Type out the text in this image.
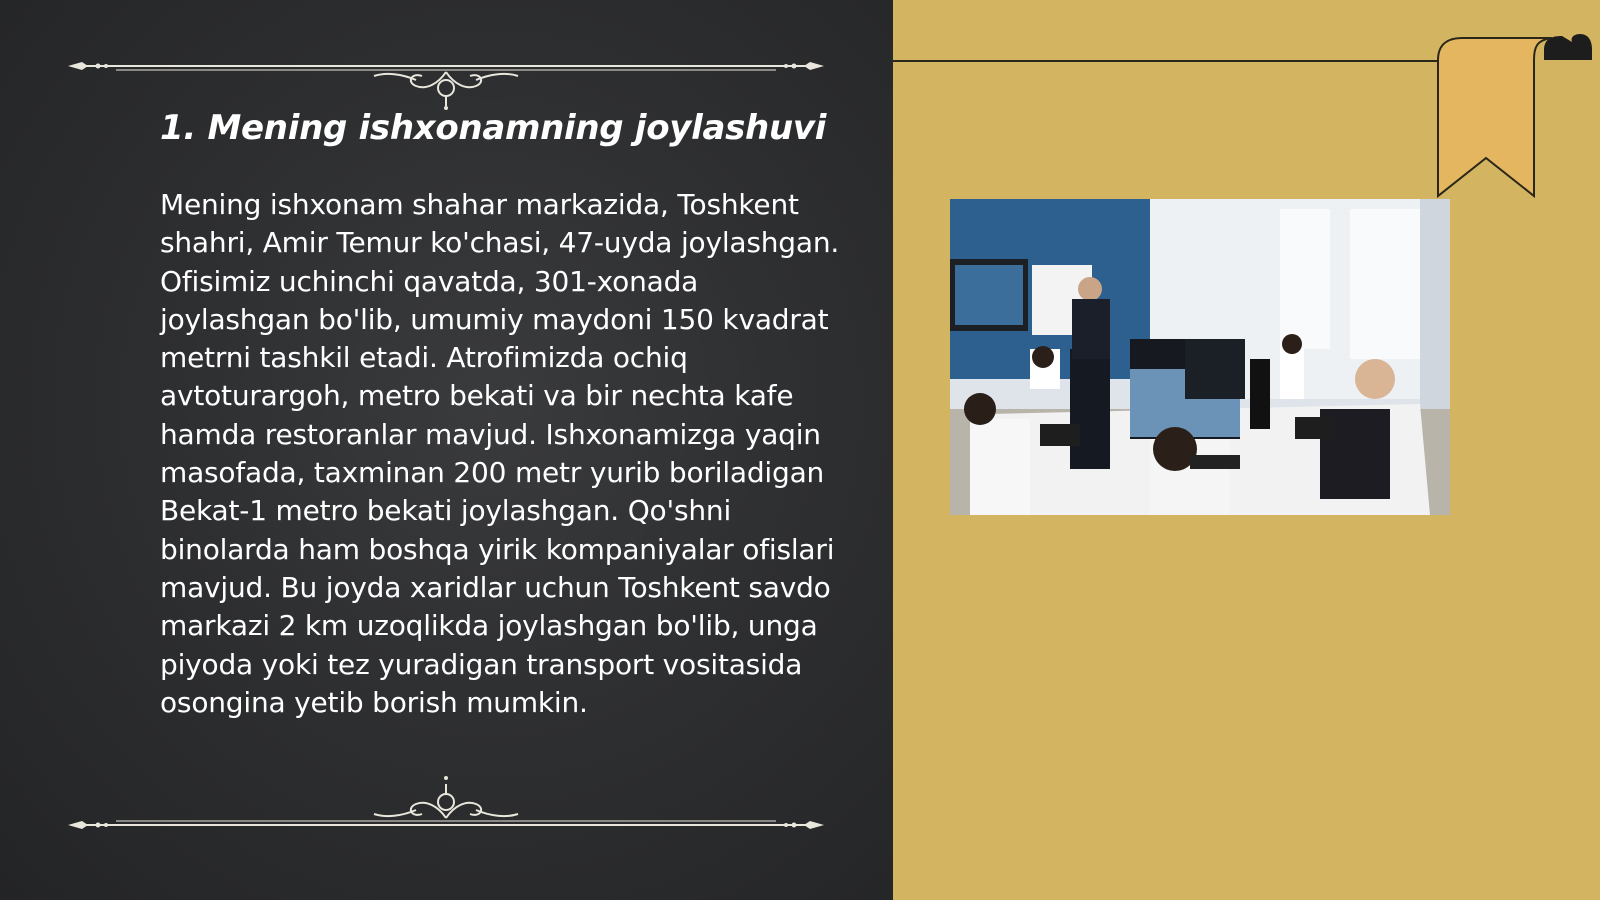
1. Mening ishxonamning joylashuvi

Mening ishxonam shahar markazida, Toshkent shahri, Amir Temur ko'chasi, 47-uyda joylashgan. Ofisimiz uchinchi qavatda, 301-xonada joylashgan bo'lib, umumiy maydoni 150 kvadrat metrni tashkil etadi. Atrofimizda ochiq avtoturargoh, metro bekati va bir nechta kafe hamda restoranlar mavjud. Ishxonamizga yaqin masofada, taxminan 200 metr yurib boriladigan Bekat-1 metro bekati joylashgan. Qo'shni binolarda ham boshqa yirik kompaniyalar ofislari mavjud. Bu joyda xaridlar uchun Toshkent savdo markazi 2 km uzoqlikda joylashgan bo'lib, unga piyoda yoki tez yuradigan transport vositasida osongina yetib borish mumkin.
